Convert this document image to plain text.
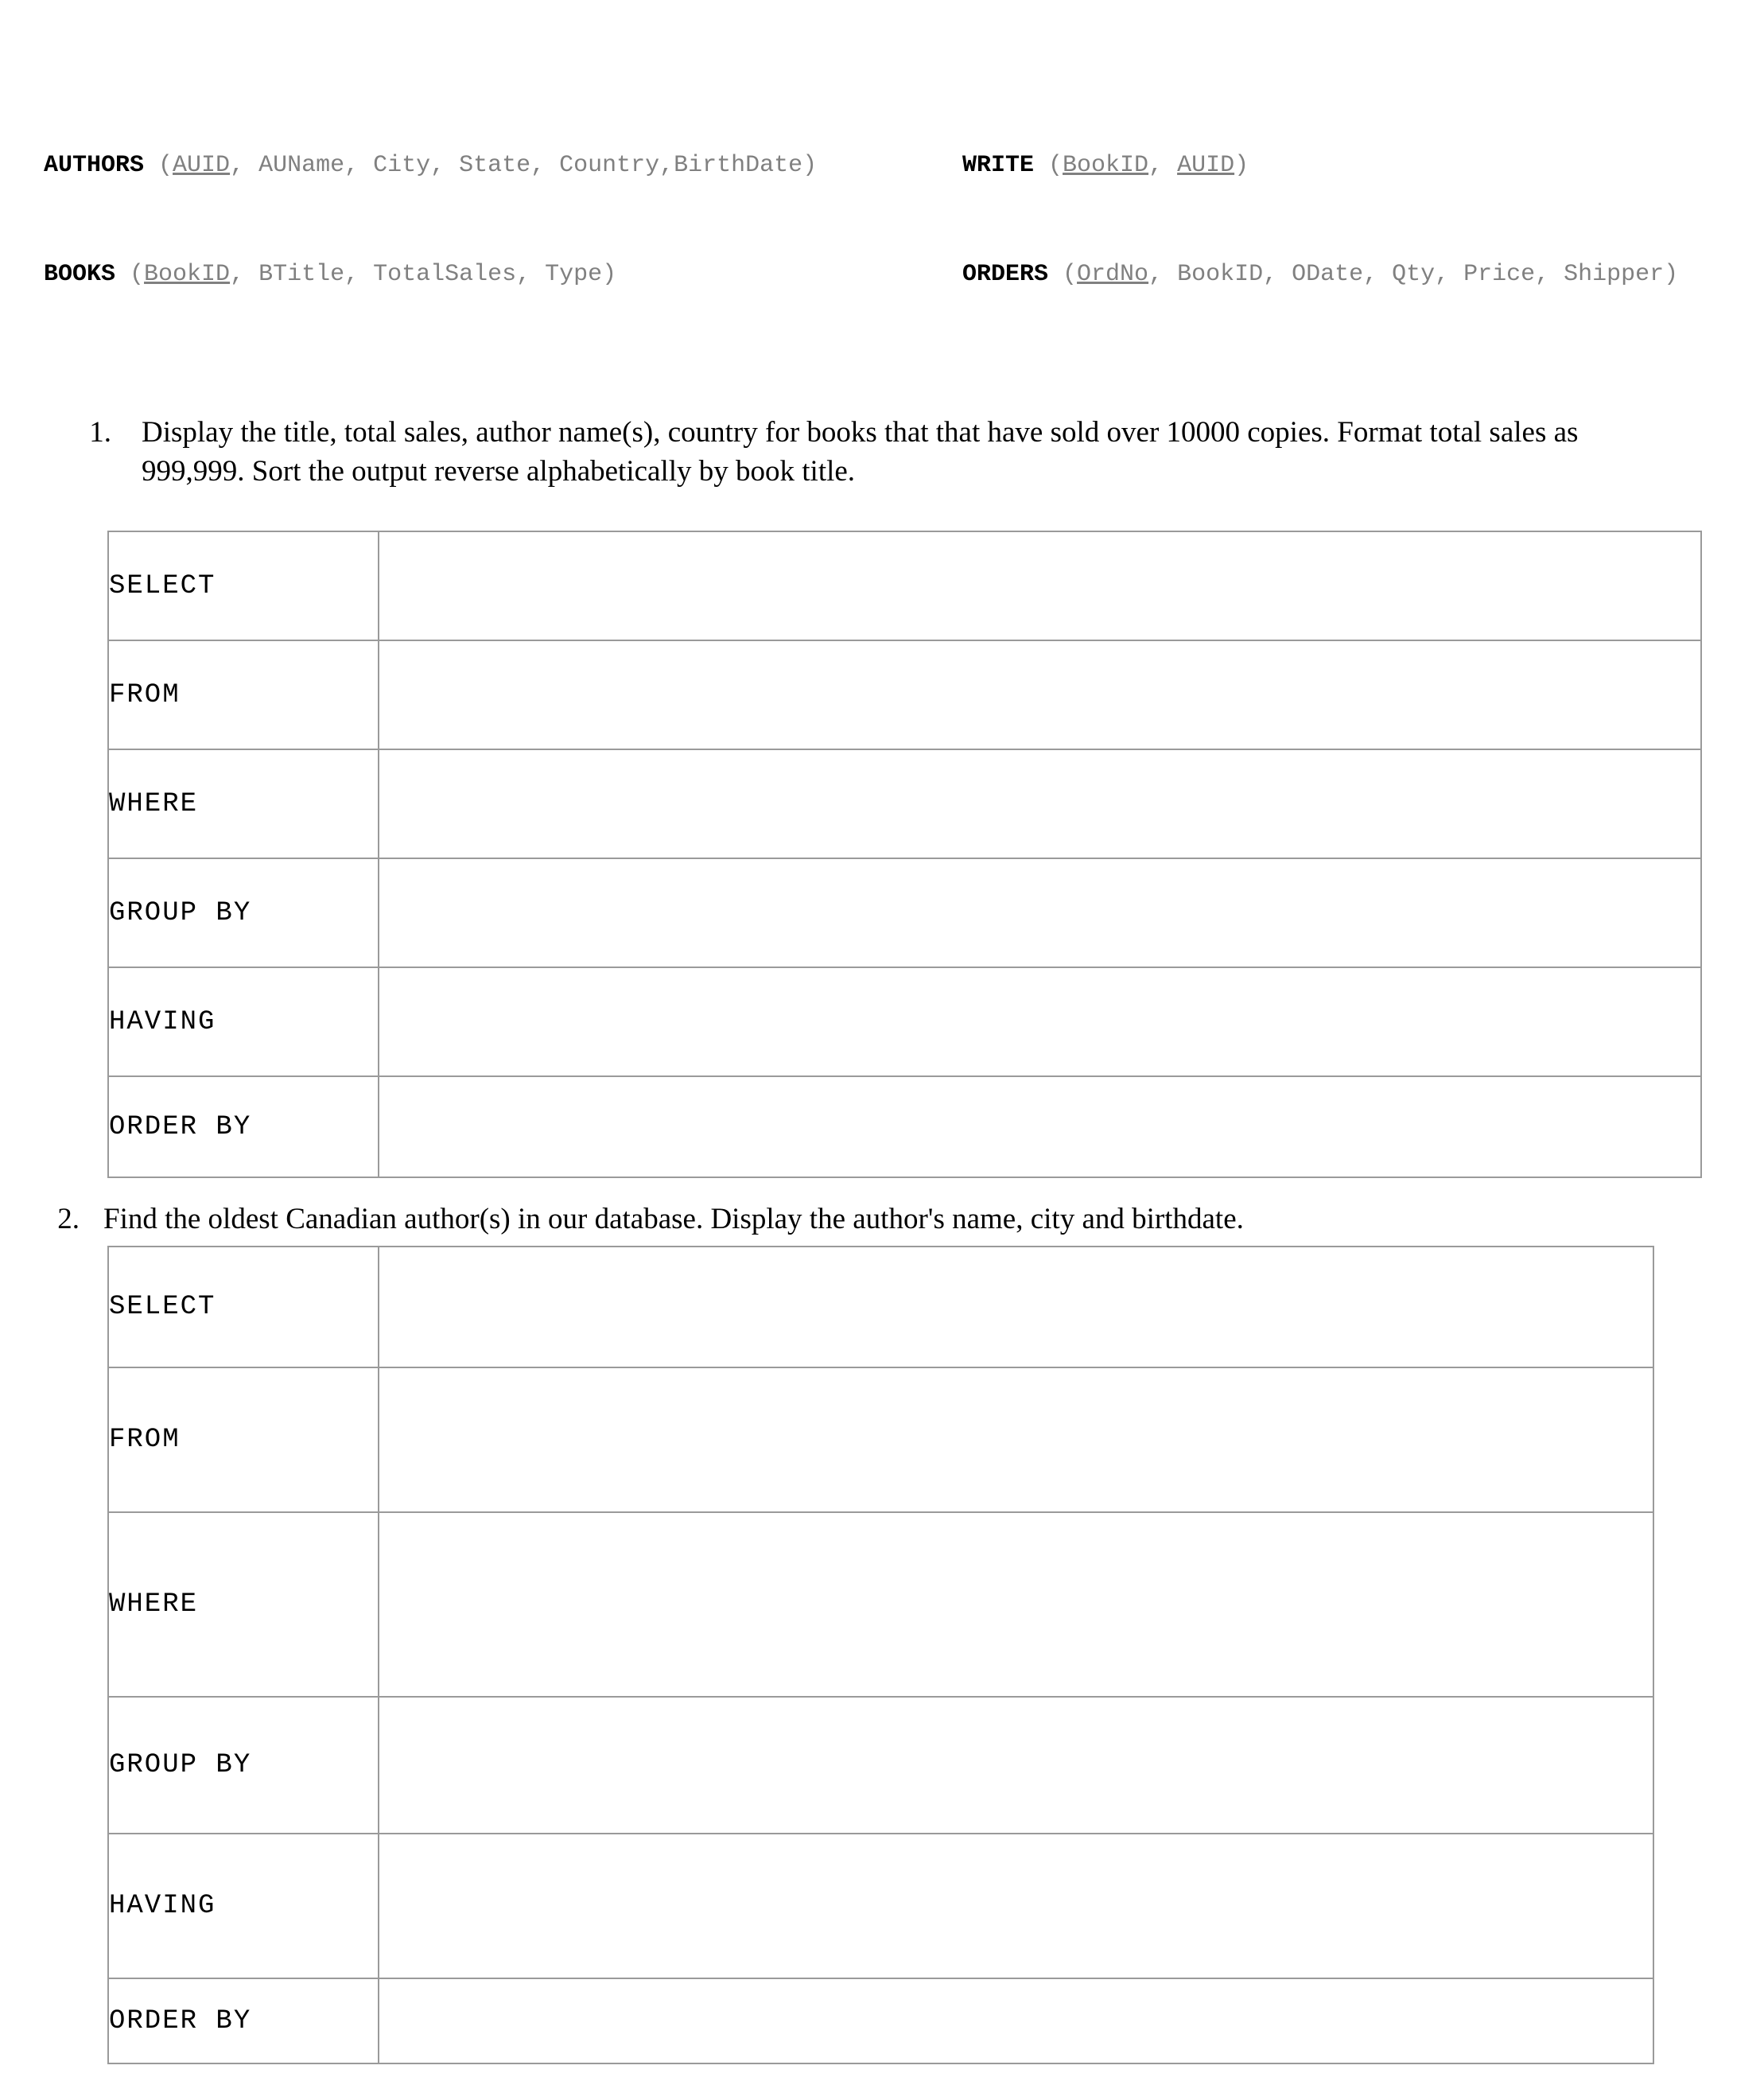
AUTHORS (AUID, AUName, City, State, Country,BirthDate)	WRITE (BookID, AUID)

BOOKS (BookID, BTitle, TotalSales, Type)	ORDERS (OrdNo, BookID, ODate, Qty, Price, Shipper)

1. Display the title, total sales, author name(s), country for books that that have sold over 10000 copies. Format total sales as 999,999. Sort the output reverse alphabetically by book title.
SELECT	
FROM	
WHERE	
GROUP BY	
HAVING	
ORDER BY	
2. Find the oldest Canadian author(s) in our database. Display the author's name, city and birthdate.
SELECT	
FROM	
WHERE	
GROUP BY	
HAVING	
ORDER BY	
